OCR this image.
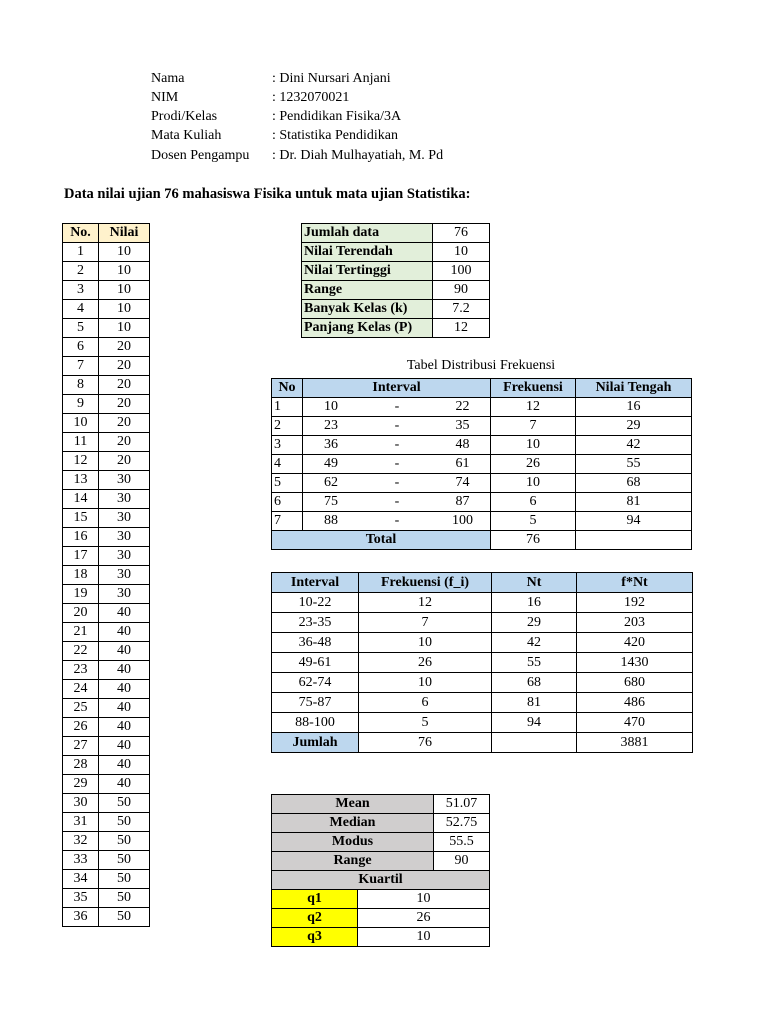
Nama	: Dini Nursari Anjani
NIM	: 1232070021
Prodi/Kelas	: Pendidikan Fisika/3A
Mata Kuliah	: Statistika Pendidikan
Dosen Pengampu : Dr. Diah Mulhayatiah, M. Pd
Data nilai ujian 76 mahasiswa Fisika untuk mata ujian Statistika:
No.	Nilai
1	10
2	10
3	10
4	10
5	10
6	20
7	20
8	20
9	20
10	20
11	20
12	20
13	30
14	30
15	30
16	30
17	30
18	30
19	30
20	40
21	40
22	40
23	40
24	40
25	40
26	40
27	40
28	40
29	40
30	50
31	50
32	50
33	50
34	50
35	50
36	50
Jumlah data	76
Nilai Terendah	10
Nilai Tertinggi	100
Range	90
Banyak Kelas (k)	7.2
Panjang Kelas (P)	12
Tabel Distribusi Frekuensi
No	Interval			Frekuensi	Nilai Tengah
1	10	-	22	12	16
2	23	-	35	7	29
3	36	-	48	10	42
4	49	-	61	26	55
5	62	-	74	10	68
6	75	-	87	6	81
7	88	-	100	5	94
Total				76	
Interval	Frekuensi (f_i)	Nt	f*Nt
10-22	12	16	192
23-35	7	29	203
36-48	10	42	420
49-61	26	55	1430
62-74	10	68	680
75-87	6	81	486
88-100	5	94	470
Jumlah	76		3881
Mean		51.07
Median		52.75
Modus		55.5
Range		90
Kuartil		
q1	10	
q2	26	
q3	10	
